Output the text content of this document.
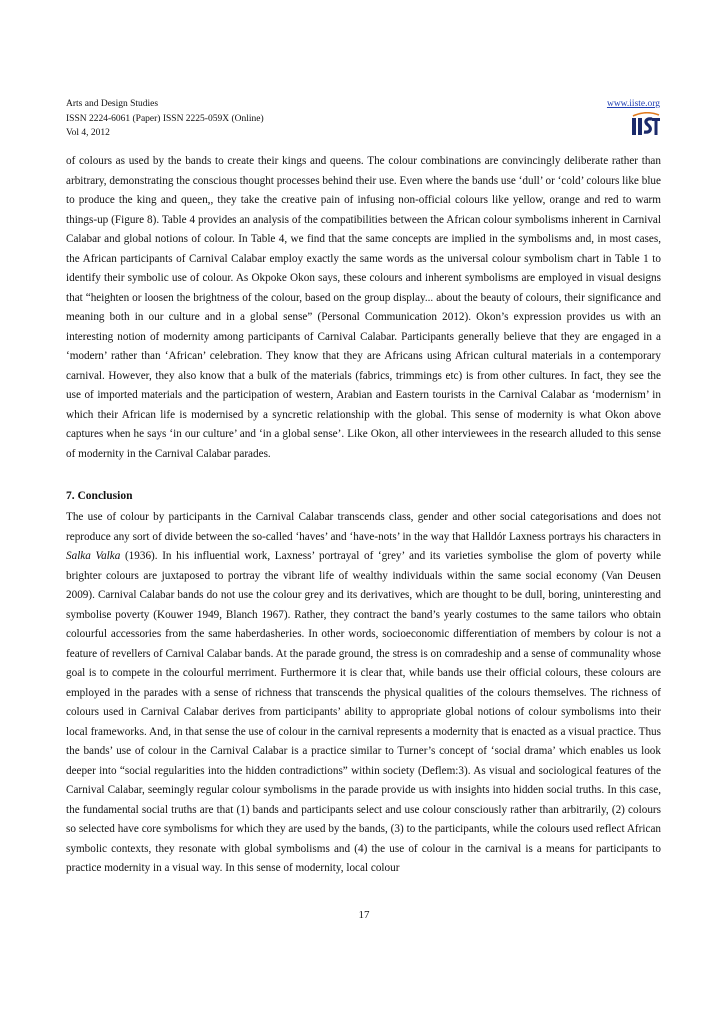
Arts and Design Studies
ISSN 2224-6061 (Paper) ISSN 2225-059X (Online)
Vol 4, 2012
www.iiste.org

of colours as used by the bands to create their kings and queens. The colour combinations are convincingly deliberate rather than arbitrary, demonstrating the conscious thought processes behind their use. Even where the bands use ‘dull’ or ‘cold’ colours like blue to produce the king and queen,, they take the creative pain of infusing non-official colours like yellow, orange and red to warm things-up (Figure 8). Table 4 provides an analysis of the compatibilities between the African colour symbolisms inherent in Carnival Calabar and global notions of colour. In Table 4, we find that the same concepts are implied in the symbolisms and, in most cases, the African participants of Carnival Calabar employ exactly the same words as the universal colour symbolism chart in Table 1 to identify their symbolic use of colour. As Okpoke Okon says, these colours and inherent symbolisms are employed in visual designs that “heighten or loosen the brightness of the colour, based on the group display... about the beauty of colours, their significance and meaning both in our culture and in a global sense” (Personal Communication 2012). Okon’s expression provides us with an interesting notion of modernity among participants of Carnival Calabar. Participants generally believe that they are engaged in a ‘modern’ rather than ‘African’ celebration. They know that they are Africans using African cultural materials in a contemporary carnival. However, they also know that a bulk of the materials (fabrics, trimmings etc) is from other cultures. In fact, they see the use of imported materials and the participation of western, Arabian and Eastern tourists in the Carnival Calabar as ‘modernism’ in which their African life is modernised by a syncretic relationship with the global. This sense of modernity is what Okon above captures when he says ‘in our culture’ and ‘in a global sense’. Like Okon, all other interviewees in the research alluded to this sense of modernity in the Carnival Calabar parades.

7. Conclusion

The use of colour by participants in the Carnival Calabar transcends class, gender and other social categorisations and does not reproduce any sort of divide between the so-called ‘haves’ and ‘have-nots’ in the way that Halldór Laxness portrays his characters in Salka Valka (1936). In his influential work, Laxness’ portrayal of ‘grey’ and its varieties symbolise the glom of poverty while brighter colours are juxtaposed to portray the vibrant life of wealthy individuals within the same social economy (Van Deusen 2009). Carnival Calabar bands do not use the colour grey and its derivatives, which are thought to be dull, boring, uninteresting and symbolise poverty (Kouwer 1949, Blanch 1967). Rather, they contract the band’s yearly costumes to the same tailors who obtain colourful accessories from the same haberdasheries. In other words, socioeconomic differentiation of members by colour is not a feature of revellers of Carnival Calabar bands. At the parade ground, the stress is on comradeship and a sense of communality whose goal is to compete in the colourful merriment. Furthermore it is clear that, while bands use their official colours, these colours are employed in the parades with a sense of richness that transcends the physical qualities of the colours themselves. The richness of colours used in Carnival Calabar derives from participants’ ability to appropriate global notions of colour symbolisms into their local frameworks. And, in that sense the use of colour in the carnival represents a modernity that is enacted as a visual practice. Thus the bands’ use of colour in the Carnival Calabar is a practice similar to Turner’s concept of ‘social drama’ which enables us look deeper into “social regularities into the hidden contradictions” within society (Deflem:3). As visual and sociological features of the Carnival Calabar, seemingly regular colour symbolisms in the parade provide us with insights into hidden social truths. In this case, the fundamental social truths are that (1) bands and participants select and use colour consciously rather than arbitrarily, (2) colours so selected have core symbolisms for which they are used by the bands, (3) to the participants, while the colours used reflect African symbolic contexts, they resonate with global symbolisms and (4) the use of colour in the carnival is a means for participants to practice modernity in a visual way. In this sense of modernity, local colour

17
